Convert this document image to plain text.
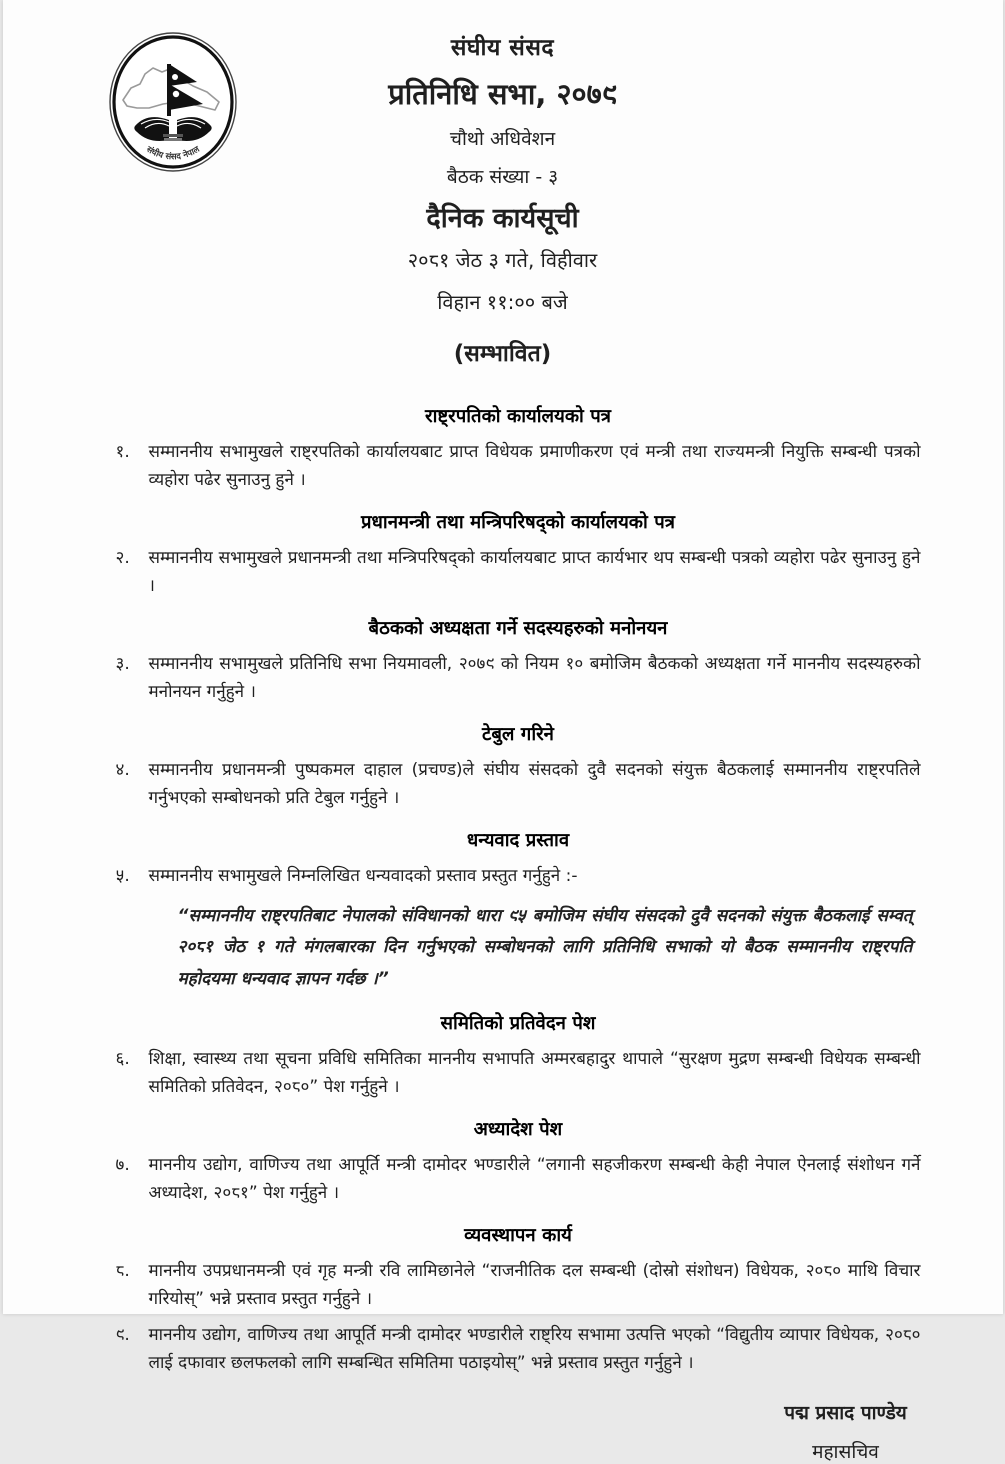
संघीय संसद नेपाल
संघीय संसद
प्रतिनिधि सभा, २०७९
चौथो अधिवेशन
बैठक संख्या - ३
दैनिक कार्यसूची
२०८१ जेठ ३ गते, विहीवार
विहान ११:०० बजे
(सम्भावित)
राष्ट्रपतिको कार्यालयको पत्र
१.	सम्माननीय सभामुखले राष्ट्रपतिको कार्यालयबाट प्राप्त विधेयक प्रमाणीकरण एवं मन्त्री तथा राज्यमन्त्री नियुक्ति सम्बन्धी पत्रको व्यहोरा पढेर सुनाउनु हुने ।
प्रधानमन्त्री तथा मन्त्रिपरिषद्को कार्यालयको पत्र
२.	सम्माननीय सभामुखले प्रधानमन्त्री तथा मन्त्रिपरिषद्को कार्यालयबाट प्राप्त कार्यभार थप सम्बन्धी पत्रको व्यहोरा पढेर सुनाउनु हुने ।
बैठकको अध्यक्षता गर्ने सदस्यहरुको मनोनयन
३.	सम्माननीय सभामुखले प्रतिनिधि सभा नियमावली, २०७९ को नियम १० बमोजिम बैठकको अध्यक्षता गर्ने माननीय सदस्यहरुको मनोनयन गर्नुहुने ।
टेबुल गरिने
४.	सम्माननीय प्रधानमन्त्री पुष्पकमल दाहाल (प्रचण्ड)ले संघीय संसदको दुवै सदनको संयुक्त बैठकलाई सम्माननीय राष्ट्रपतिले गर्नुभएको सम्बोधनको प्रति टेबुल गर्नुहुने ।
धन्यवाद प्रस्ताव
५.	सम्माननीय सभामुखले निम्नलिखित धन्यवादको प्रस्ताव प्रस्तुत गर्नुहुने :-
“सम्माननीय राष्ट्रपतिबाट नेपालको संविधानको धारा ९५ बमोजिम संघीय संसदको दुवै सदनको संयुक्त बैठकलाई सम्वत् २०८१ जेठ १ गते मंगलबारका दिन गर्नुभएको सम्बोधनको लागि प्रतिनिधि सभाको यो बैठक सम्माननीय राष्ट्रपति महोदयमा धन्यवाद ज्ञापन गर्दछ ।”
समितिको प्रतिवेदन पेश
६.	शिक्षा, स्वास्थ्य तथा सूचना प्रविधि समितिका माननीय सभापति अम्मरबहादुर थापाले “सुरक्षण मुद्रण सम्बन्धी विधेयक सम्बन्धी समितिको प्रतिवेदन, २०८०” पेश गर्नुहुने ।
अध्यादेश पेश
७.	माननीय उद्योग, वाणिज्य तथा आपूर्ति मन्त्री दामोदर भण्डारीले “लगानी सहजीकरण सम्बन्धी केही नेपाल ऐनलाई संशोधन गर्ने अध्यादेश, २०८१” पेश गर्नुहुने ।
व्यवस्थापन कार्य
८.	माननीय उपप्रधानमन्त्री एवं गृह मन्त्री रवि लामिछानेले “राजनीतिक दल सम्बन्धी (दोस्रो संशोधन) विधेयक, २०८० माथि विचार गरियोस्” भन्ने प्रस्ताव प्रस्तुत गर्नुहुने ।
९.	माननीय उद्योग, वाणिज्य तथा आपूर्ति मन्त्री दामोदर भण्डारीले राष्ट्रिय सभामा उत्पत्ति भएको “विद्युतीय व्यापार विधेयक, २०८० लाई दफावार छलफलको लागि सम्बन्धित समितिमा पठाइयोस्” भन्ने प्रस्ताव प्रस्तुत गर्नुहुने ।
पद्म प्रसाद पाण्डेय
महासचिव
